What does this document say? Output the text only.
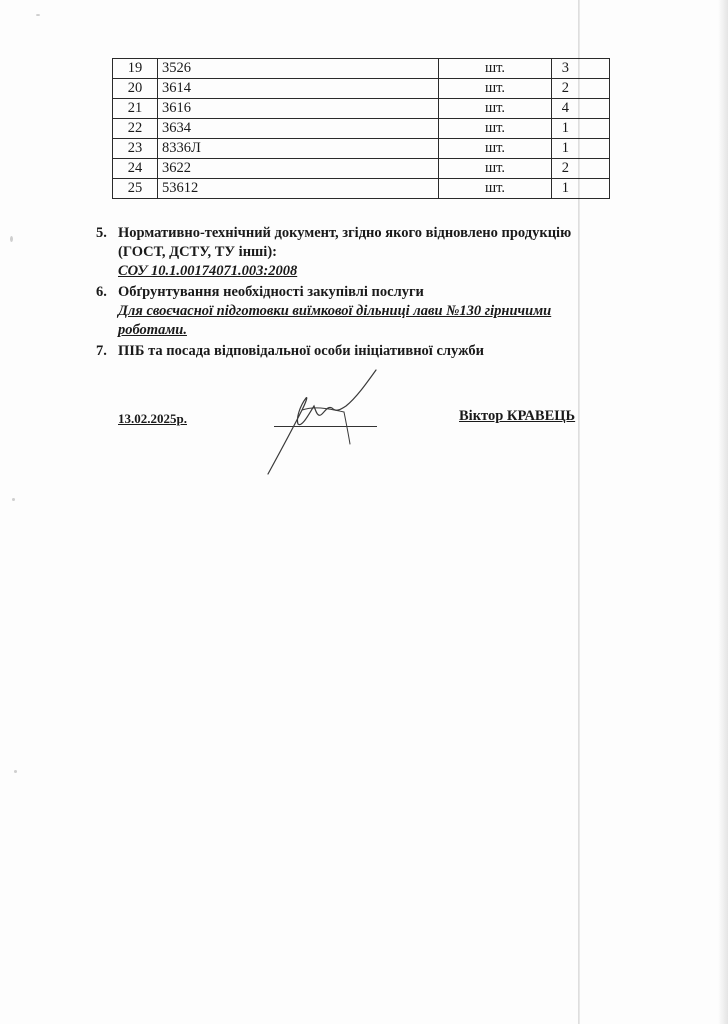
19	3526	шт.	3
20	3614	шт.	2
21	3616	шт.	4
22	3634	шт.	1
23	8336Л	шт.	1
24	3622	шт.	2
25	53612	шт.	1
5. Нормативно-технічний документ, згідно якого відновлено продукцію
(ГОСТ, ДСТУ, ТУ інші):
СОУ 10.1.00174071.003:2008
6. Обґрунтування необхідності закупівлі послуги
Для своєчасної підготовки виїмкової дільниці лави №130 гірничими
роботами.
7. ПІБ та посада відповідальної особи ініціативної служби
13.02.2025р.	Віктор КРАВЕЦЬ
